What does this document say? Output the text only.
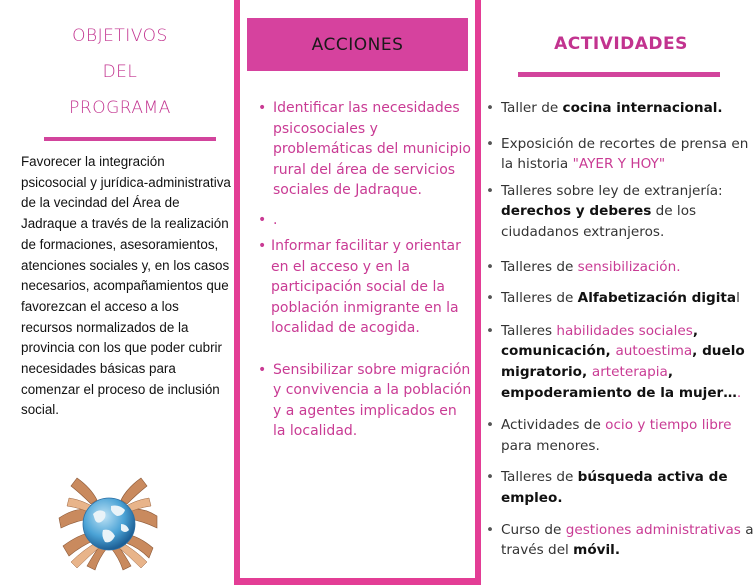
OBJETIVOS
DEL
PROGRAMA

Favorecer la integración psicosocial y jurídica-administrativa de la vecindad del Área de Jadraque a través de la realización de formaciones, asesoramientos, atenciones sociales y, en los casos necesarios, acompañamientos que favorezcan el acceso a los recursos normalizados de la provincia con los que poder cubrir necesidades básicas para comenzar el proceso de inclusión social.

ACCIONES
• Identificar las necesidades psicosociales y problemáticas del municipio rural del área de servicios sociales de Jadraque.
• .
• Informar facilitar y orientar en el acceso y en la participación social de la población inmigrante en la localidad de acogida.
• Sensibilizar sobre migración y convivencia a la población y a agentes implicados en la localidad.
ACTIVIDADES
• Taller de cocina internacional.
• Exposición de recortes de prensa en la historia "AYER Y HOY"
• Talleres sobre ley de extranjería: derechos y deberes de los ciudadanos extranjeros.
• Talleres de sensibilización.
• Talleres de Alfabetización digital
• Talleres habilidades sociales, comunicación, autoestima, duelo migratorio, arteterapia, empoderamiento de la mujer….
• Actividades de ocio y tiempo libre para menores.
• Talleres de búsqueda activa de empleo.
• Curso de gestiones administrativas a través del móvil.
